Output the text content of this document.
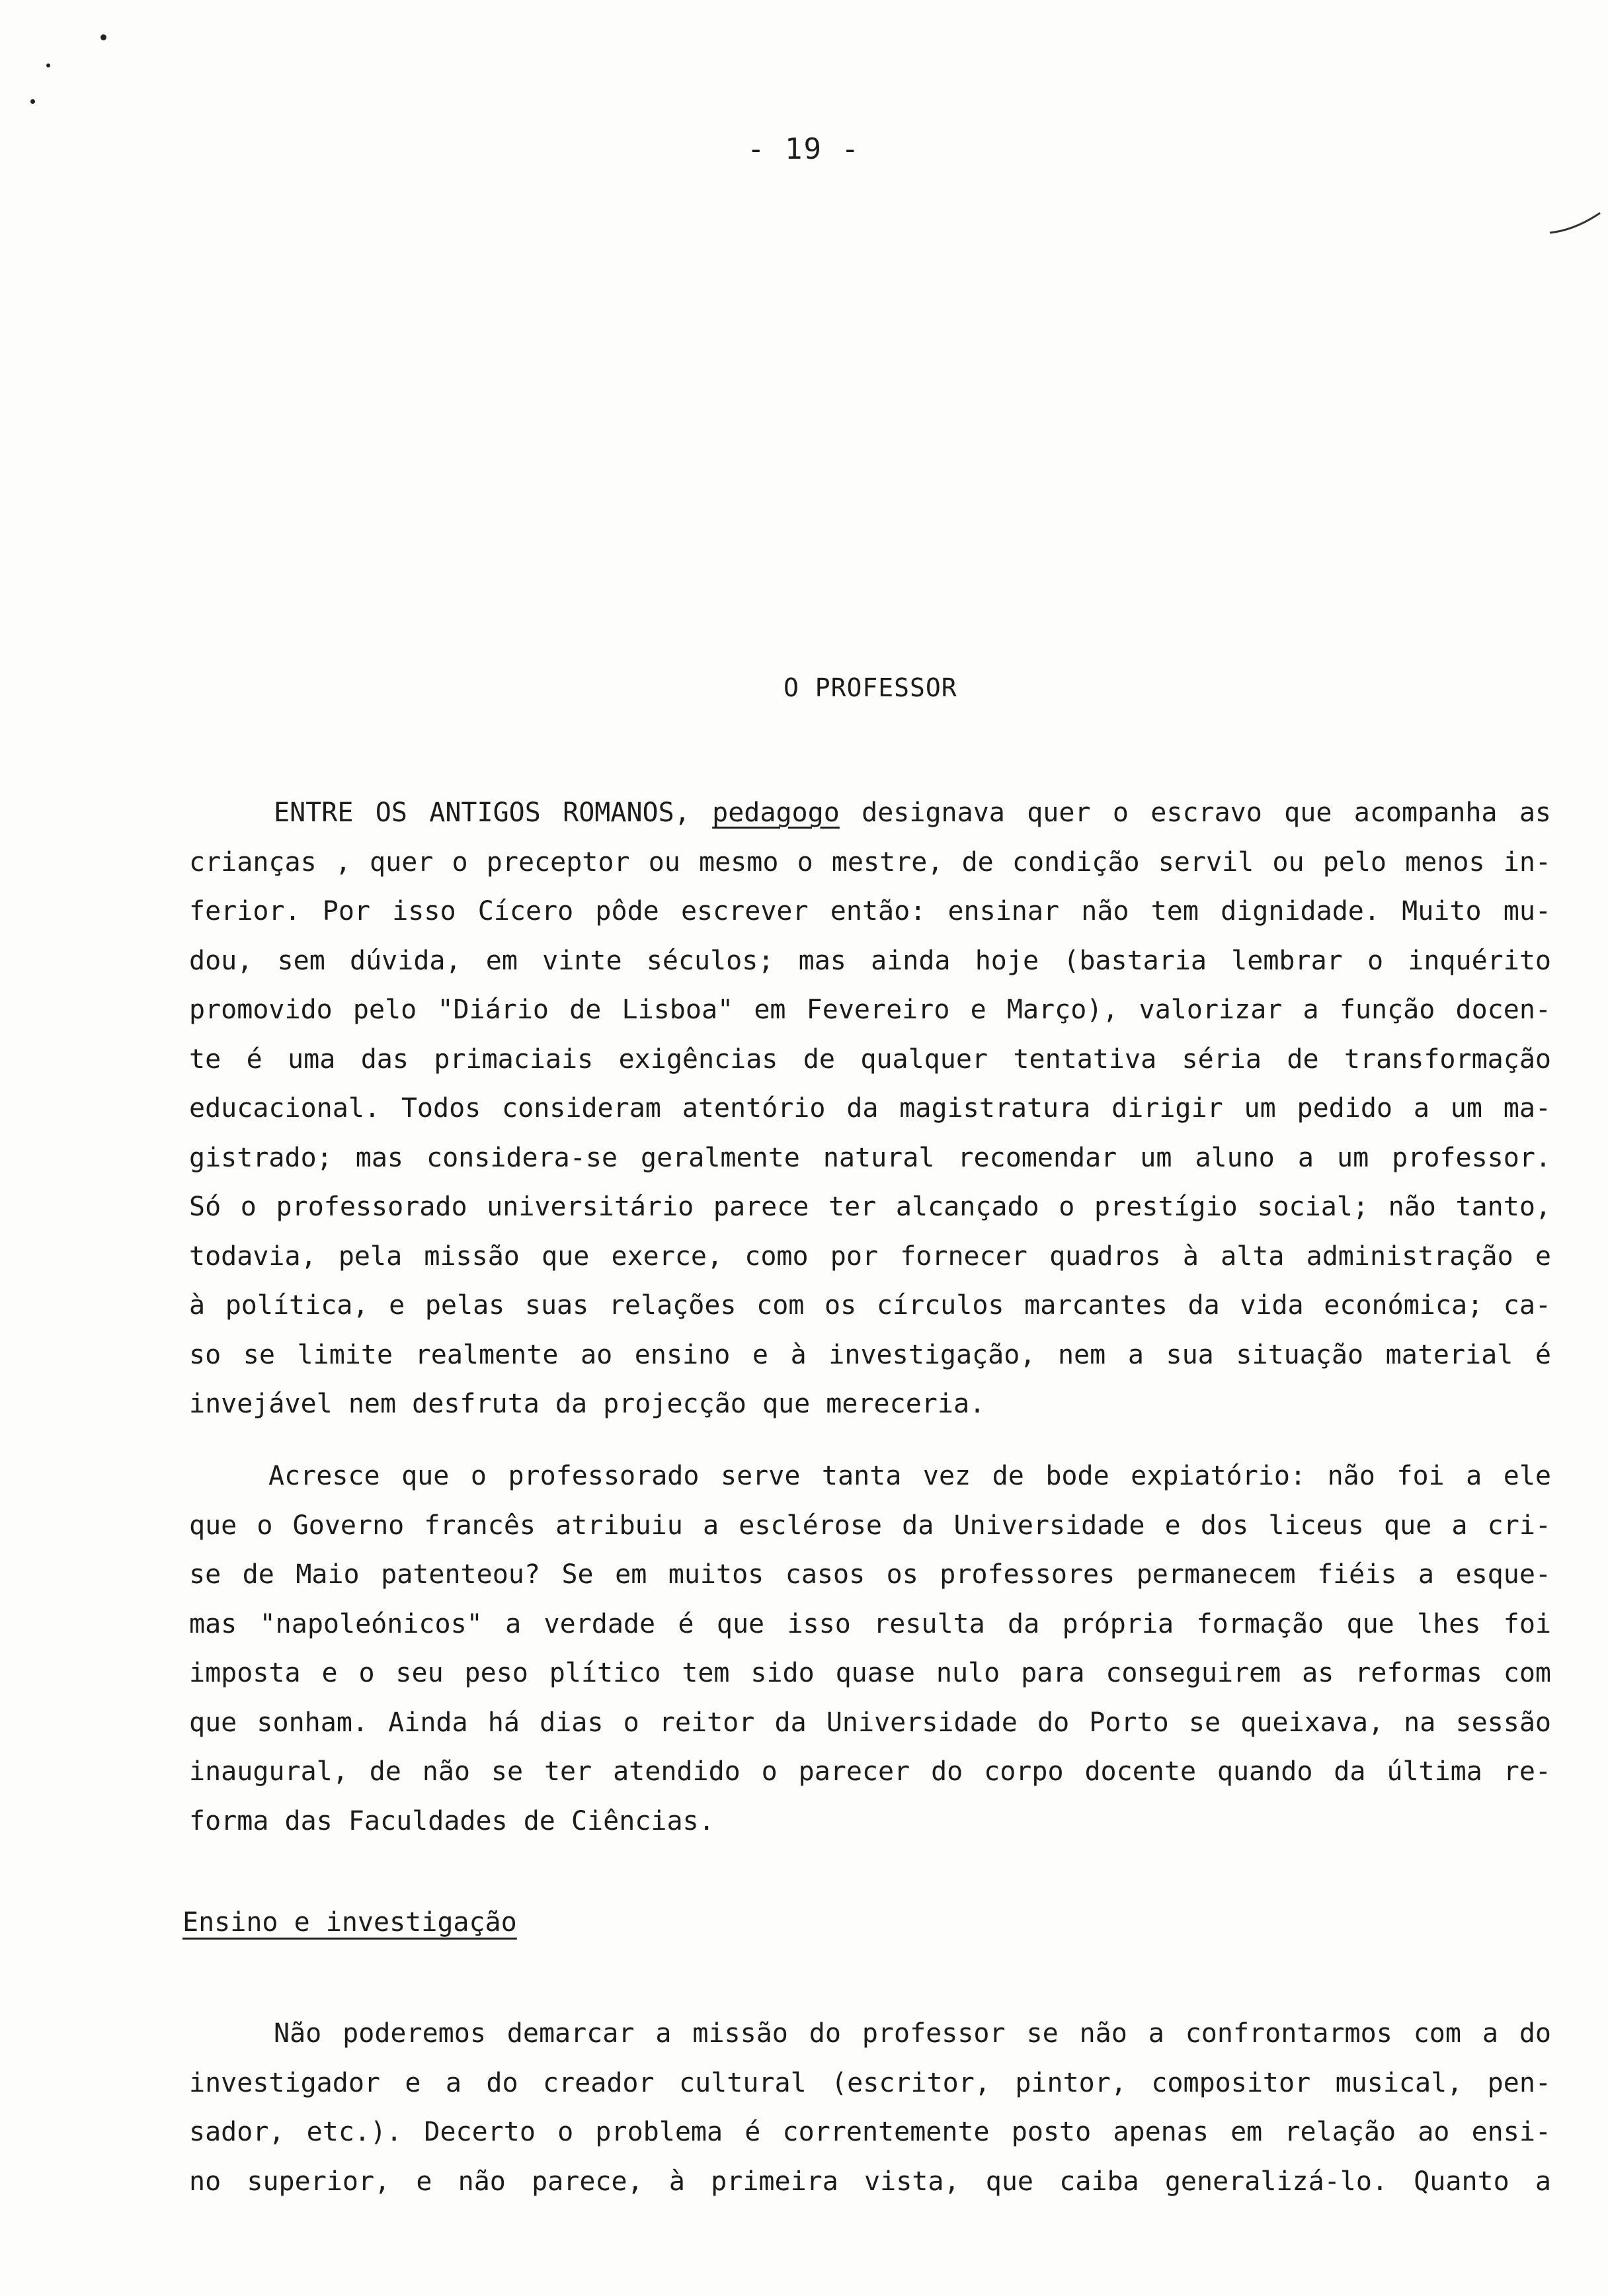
- 19 -
O PROFESSOR
ENTRE OS ANTIGOS ROMANOS, pedagogo designava quer o escravo que acompanha as
crianças , quer o preceptor ou mesmo o mestre, de condição servil ou pelo menos in-
ferior. Por isso Cícero pôde escrever então: ensinar não tem dignidade. Muito mu-
dou, sem dúvida, em vinte séculos; mas ainda hoje (bastaria lembrar o inquérito
promovido pelo "Diário de Lisboa" em Fevereiro e Março), valorizar a função docen-
te é uma das primaciais exigências de qualquer tentativa séria de transformação
educacional. Todos consideram atentório da magistratura dirigir um pedido a um ma-
gistrado; mas considera-se geralmente natural recomendar um aluno a um professor.
Só o professorado universitário parece ter alcançado o prestígio social; não tanto,
todavia, pela missão que exerce, como por fornecer quadros à alta administração e
à política, e pelas suas relações com os círculos marcantes da vida económica; ca-
so se limite realmente ao ensino e à investigação, nem a sua situação material é
invejável nem desfruta da projecção que mereceria.
Acresce que o professorado serve tanta vez de bode expiatório: não foi a ele
que o Governo francês atribuiu a esclérose da Universidade e dos liceus que a cri-
se de Maio patenteou? Se em muitos casos os professores permanecem fiéis a esque-
mas "napoleónicos" a verdade é que isso resulta da própria formação que lhes foi
imposta e o seu peso plítico tem sido quase nulo para conseguirem as reformas com
que sonham. Ainda há dias o reitor da Universidade do Porto se queixava, na sessão
inaugural, de não se ter atendido o parecer do corpo docente quando da última re-
forma das Faculdades de Ciências.
Ensino e investigação
Não poderemos demarcar a missão do professor se não a confrontarmos com a do
investigador e a do creador cultural (escritor, pintor, compositor musical, pen-
sador, etc.). Decerto o problema é correntemente posto apenas em relação ao ensi-
no superior, e não parece, à primeira vista, que caiba generalizá-lo. Quanto a
